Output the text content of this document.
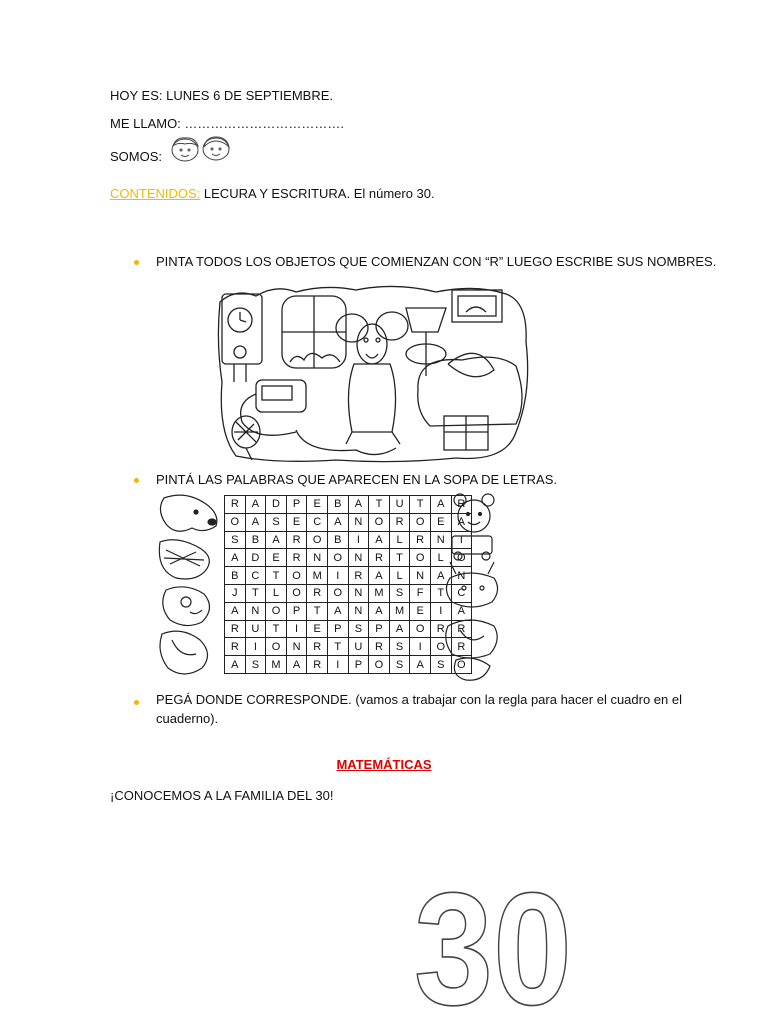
HOY ES: LUNES 6 DE SEPTIEMBRE.
ME LLAMO: ……………………………….
SOMOS:
CONTENIDOS: LECURA Y ESCRITURA. El número 30.
PINTA TODOS LOS OBJETOS QUE COMIENZAN CON “R” LUEGO ESCRIBE SUS NOMBRES.
PINTÁ LAS PALABRAS QUE APARECEN EN LA SOPA DE LETRAS.
R	A	D	P	E	B	A	T	U	T	A	R
O	A	S	E	C	A	N	O	R	O	E	A
S	B	A	R	O	B	I	A	L	R	N	T
A	D	E	R	N	O	N	R	T	O	L	O
B	C	T	O	M	I	R	A	L	N	A	N
J	T	L	O	R	O	N	M	S	F	T	C
A	N	O	P	T	A	N	A	M	E	I	A
R	U	T	I	E	P	S	P	A	O	R	R
R	I	O	N	R	T	U	R	S	I	O	R
A	S	M	A	R	I	P	O	S	A	S	O
PEGÁ DONDE CORRESPONDE. (vamos a trabajar con la regla para hacer el cuadro en el
cuaderno).
MATEMÁTICAS
¡CONOCEMOS A LA FAMILIA DEL 30!
30
